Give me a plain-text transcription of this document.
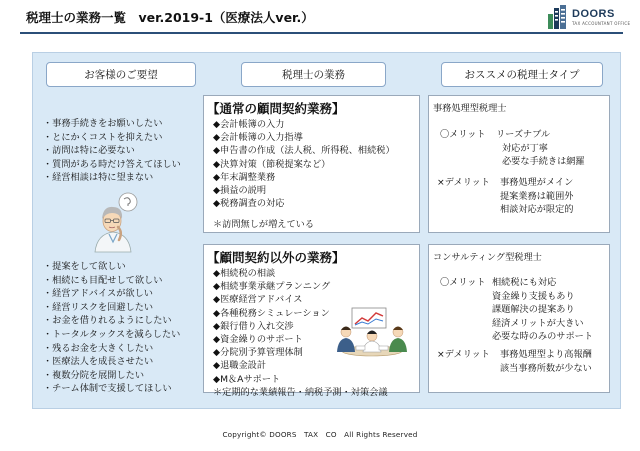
税理士の業務一覧　ver.2019-1（医療法人ver.）	DOORS
TAX ACCOUNTANT OFFICE
お客様のご要望	税理士の業務	おススメの税理士タイプ
・事務手続きをお願いしたい
・とにかくコストを抑えたい
・訪問は特に必要ない
・質問がある時だけ答えてほしい
・経営相談は特に望まない
・提案をして欲しい
・相続にも目配せして欲しい
・経営アドバイスが欲しい
・経営リスクを回避したい
・お金を借りれるようにしたい
・トータルタックスを減らしたい
・残るお金を大きくしたい
・医療法人を成長させたい
・複数分院を展開したい
・チーム体制で支援してほしい
【通常の顧問契約業務】
◆会計帳簿の入力
◆会計帳簿の入力指導
◆申告書の作成（法人税、所得税、相続税）
◆決算対策（節税提案など）
◆年末調整業務
◆損益の説明
◆税務調査の対応
＊訪問無しが増えている
【顧問契約以外の業務】
◆相続税の相談
◆相続事業承継プランニング
◆医療経営アドバイス
◆各種税務シミュレーション
◆銀行借り入れ交渉
◆資金繰りのサポート
◆分院別予算管理体制
◆退職金設計
◆M＆Aサポート
＊定期的な業績報告・納税予測・対策会議
事務処理型税理士
〇メリット リーズナブル
対応が丁寧
必要な手続きは網羅
×デメリット 事務処理がメイン
提案業務は範囲外
相談対応が限定的
コンサルティング型税理士
〇メリット 相続税にも対応
資金繰り支援もあり
課題解決の提案あり
経済メリットが大きい
必要な時のみのサポート
×デメリット 事務処理型より高報酬
該当事務所数が少ない
Copyright© DOORS　TAX　CO　All Rights Reserved
